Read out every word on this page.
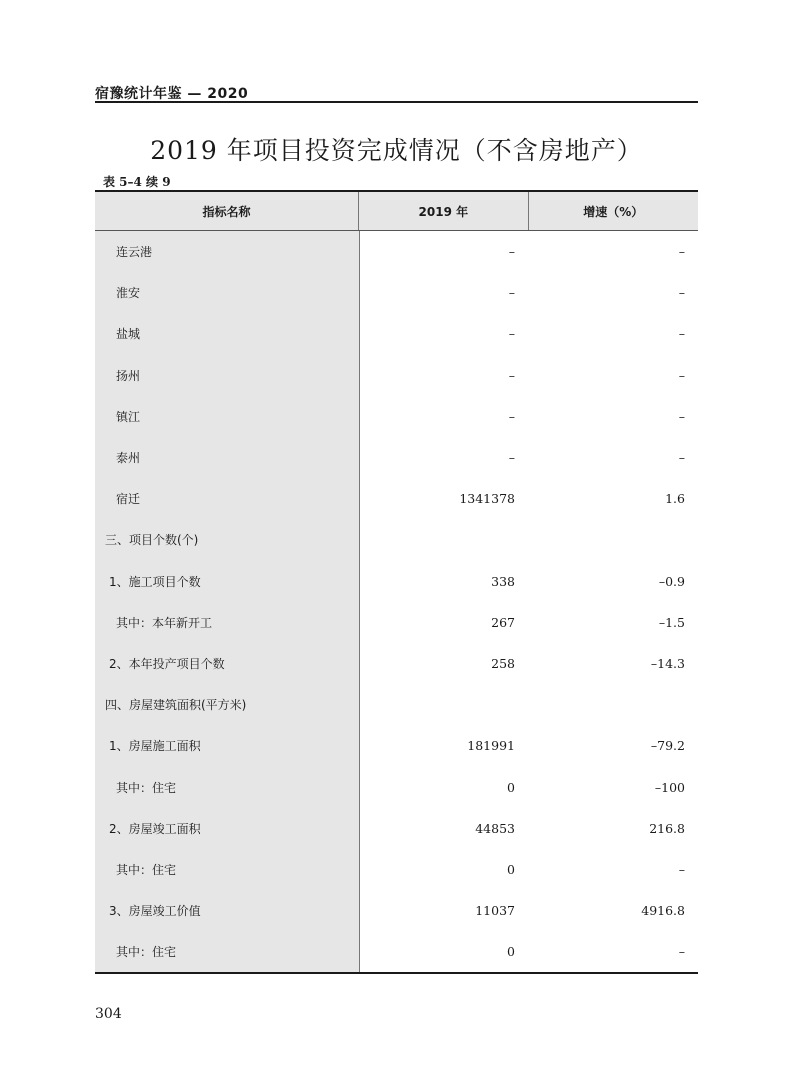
宿豫统计年鉴 — 2020
2019 年项目投资完成情况（不含房地产）
表 5–4 续 9
指标名称	2019 年	增速（%）
连云港	–	–
淮安	–	–
盐城	–	–
扬州	–	–
镇江	–	–
泰州	–	–
宿迁	1341378	1.6
三、项目个数(个)
1、施工项目个数	338	–0.9
其中：本年新开工	267	–1.5
2、本年投产项目个数	258	–14.3
四、房屋建筑面积(平方米)
1、房屋施工面积	181991	–79.2
其中：住宅	0	–100
2、房屋竣工面积	44853	216.8
其中：住宅	0	–
3、房屋竣工价值	11037	4916.8
其中：住宅	0	–
304
